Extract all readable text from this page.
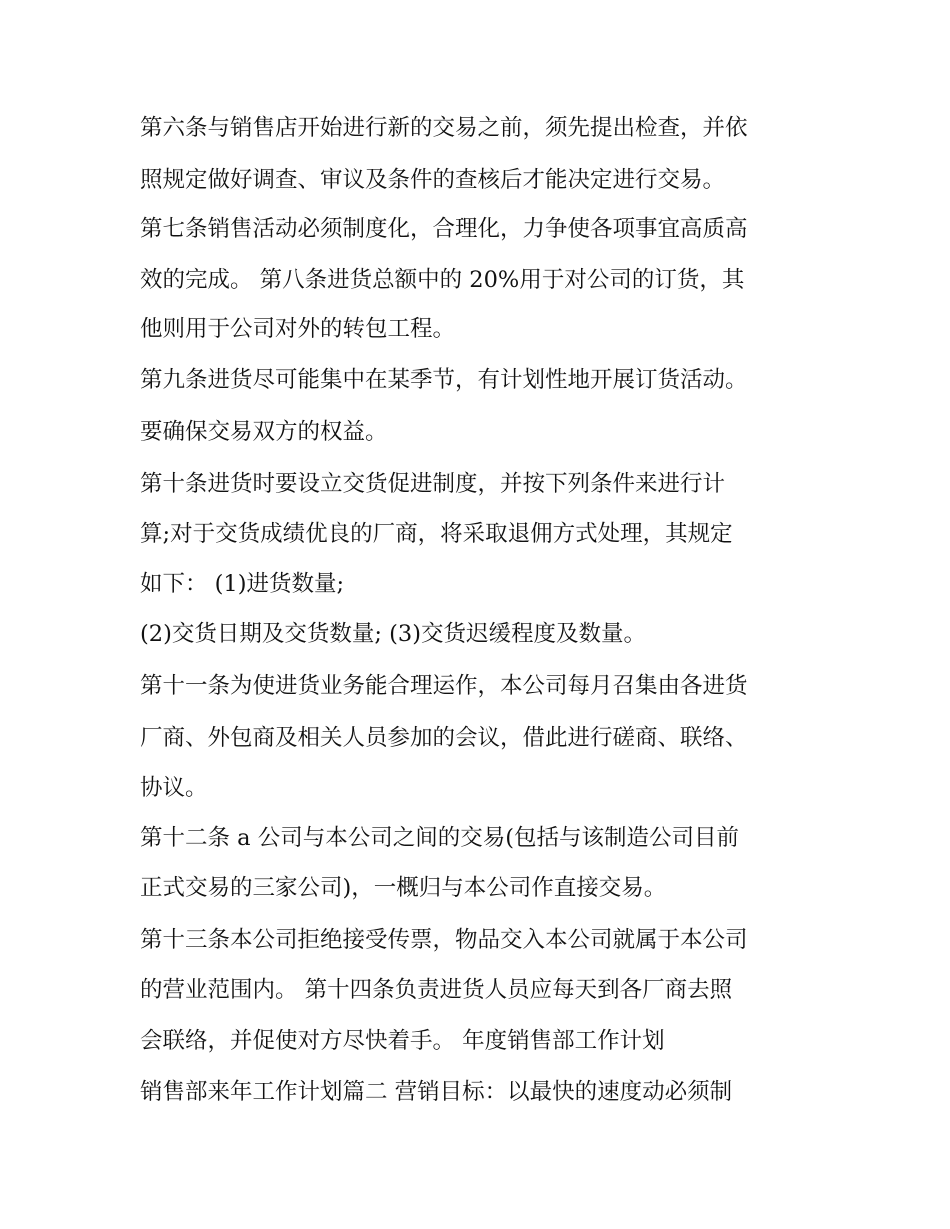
第六条与销售店开始进行新的交易之前，须先提出检查，并依
照规定做好调查、审议及条件的查核后才能决定进行交易。
第七条销售活动必须制度化，合理化，力争使各项事宜高质高
效的完成。 第八条进货总额中的 20%用于对公司的订货，其
他则用于公司对外的转包工程。
第九条进货尽可能集中在某季节，有计划性地开展订货活动。
要确保交易双方的权益。
第十条进货时要设立交货促进制度，并按下列条件来进行计
算;对于交货成绩优良的厂商，将采取退佣方式处理，其规定
如下： (1)进货数量;
(2)交货日期及交货数量; (3)交货迟缓程度及数量。
第十一条为使进货业务能合理运作，本公司每月召集由各进货
厂商、外包商及相关人员参加的会议，借此进行磋商、联络、
协议。
第十二条 a 公司与本公司之间的交易(包括与该制造公司目前
正式交易的三家公司)，一概归与本公司作直接交易。
第十三条本公司拒绝接受传票，物品交入本公司就属于本公司
的营业范围内。 第十四条负责进货人员应每天到各厂商去照
会联络，并促使对方尽快着手。 年度销售部工作计划
销售部来年工作计划篇二 营销目标：以最快的速度动必须制
